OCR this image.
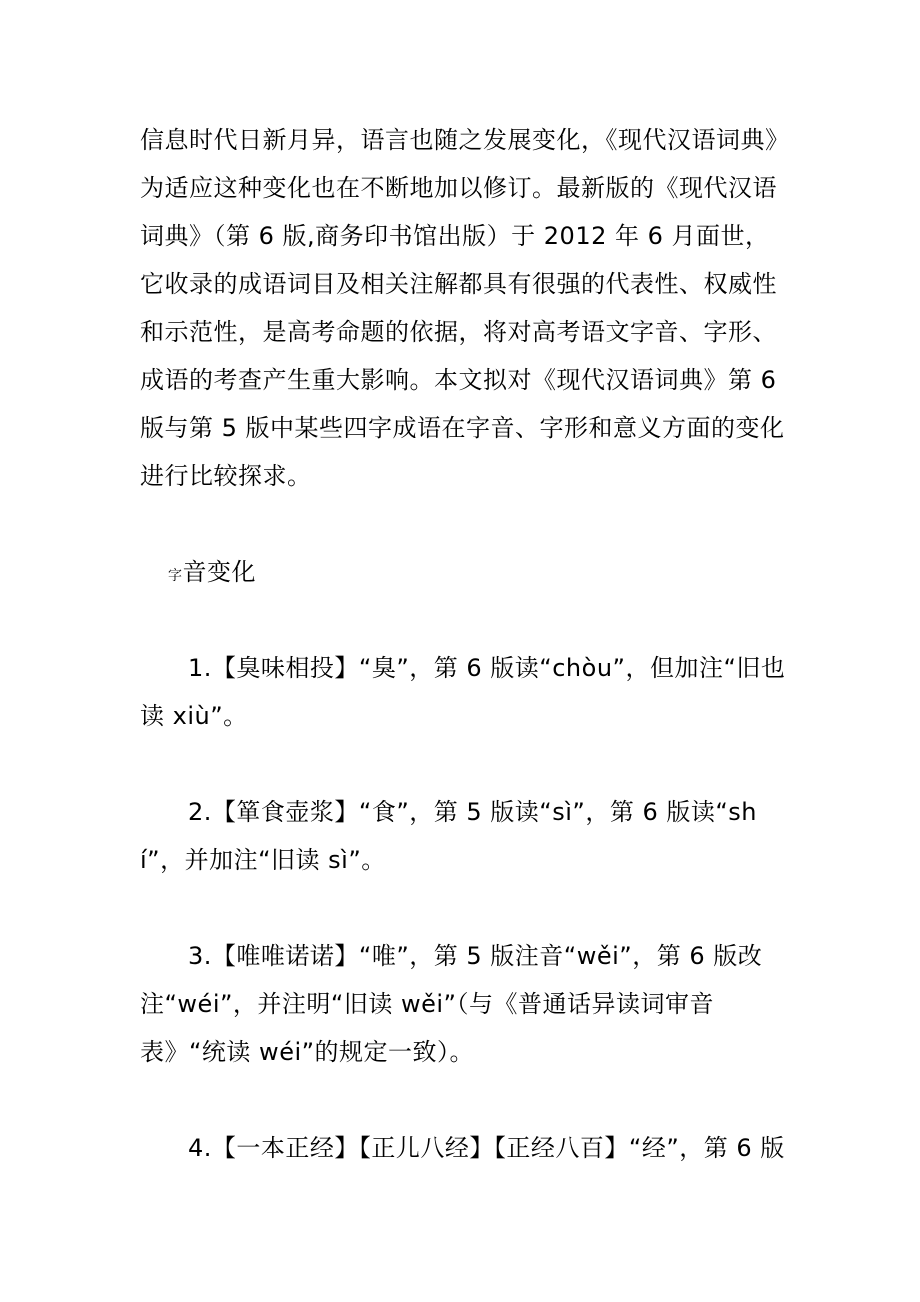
信息时代日新月异，语言也随之发展变化，《现代汉语词典》为适应这种变化也在不断地加以修订。最新版的《现代汉语词典》（第 6 版,商务印书馆出版）于 2012 年 6 月面世，它收录的成语词目及相关注解都具有很强的代表性、权威性和示范性，是高考命题的依据，将对高考语文字音、字形、成语的考查产生重大影响。本文拟对《现代汉语词典》第 6 版与第 5 版中某些四字成语在字音、字形和意义方面的变化进行比较探求。

字音变化

1.【臭味相投】“臭”，第 6 版读“chòu”，但加注“旧也读 xiù”。

2.【箪食壶浆】“食”，第 5 版读“sì”，第 6 版读“shí”，并加注“旧读 sì”。

3.【唯唯诺诺】“唯”，第 5 版注音“wěi”，第 6 版改注“wéi”，并注明“旧读 wěi”（与《普通话异读词审音表》“统读 wéi”的规定一致）。

4.【一本正经】【正儿八经】【正经八百】“经”，第 6 版
